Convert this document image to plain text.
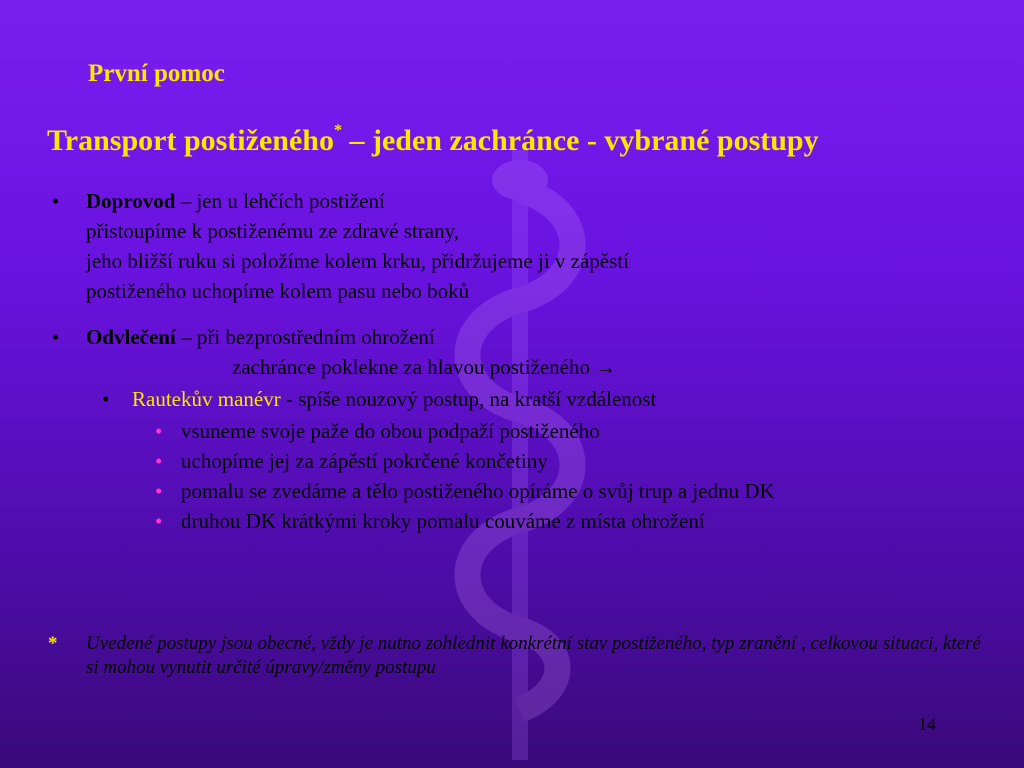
První pomoc
Transport postiženého* – jeden zachránce - vybrané postupy
• Doprovod – jen u lehčích postižení
přistoupíme k postiženému ze zdravé strany,
jeho bližší ruku si položíme kolem krku, přidržujeme ji v zápěstí
postiženého uchopíme kolem pasu nebo boků
• Odvlečení – při bezprostředním ohrožení
zachránce poklekne za hlavou postiženého →
• Rautekův manévr - spíše nouzový postup, na kratší vzdálenost
• vsuneme svoje paže do obou podpaží postiženého
• uchopíme jej za zápěstí pokrčené končetiny
• pomalu se zvedáme a tělo postiženého opíráme o svůj trup a jednu DK
• druhou DK krátkými kroky pomalu couváme z místa ohrožení
* Uvedené postupy jsou obecné, vždy je nutno zohlednit konkrétní stav postiženého, typ zranění , celkovou situaci, které si mohou vynutit určité úpravy/změny postupu
14
